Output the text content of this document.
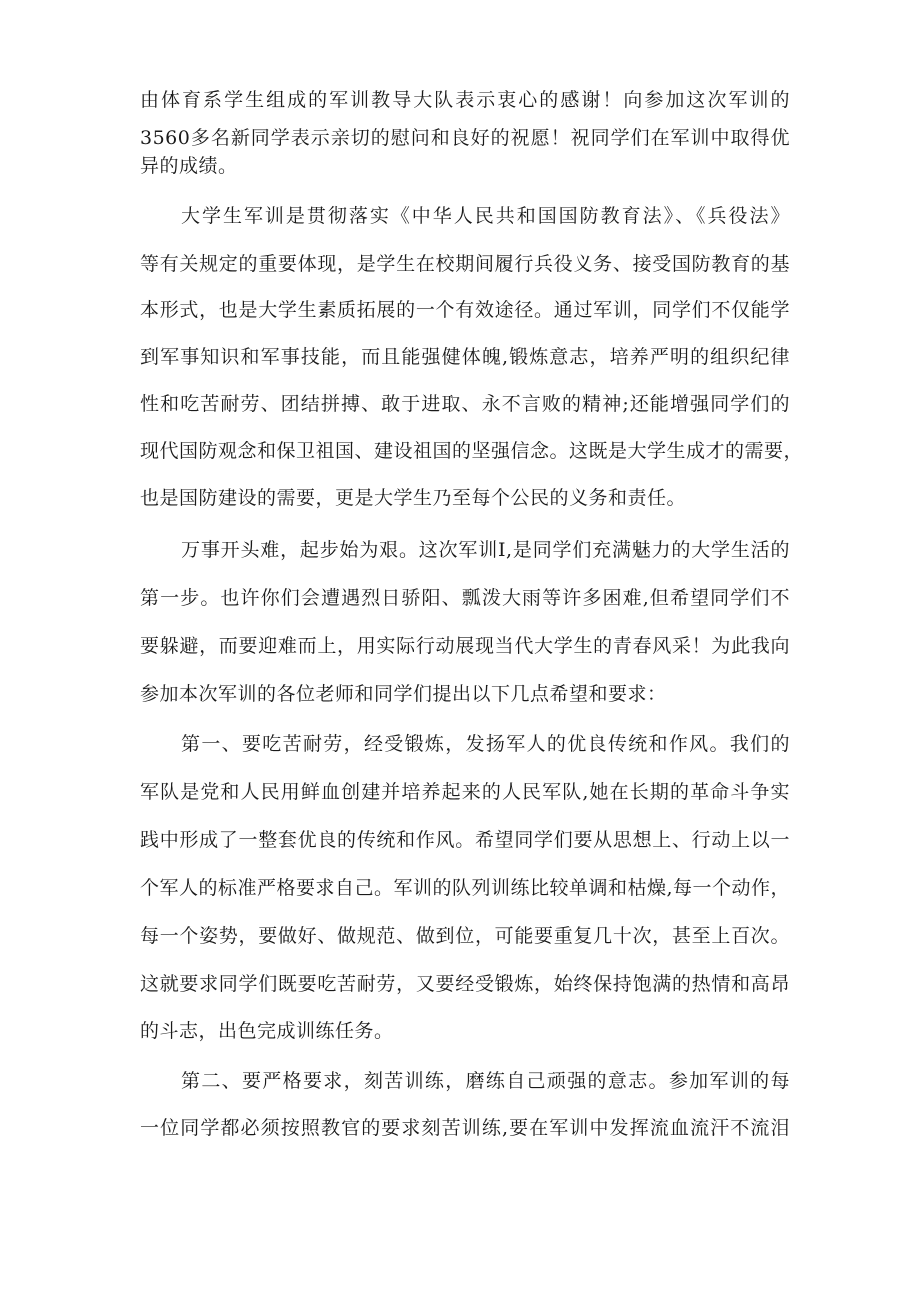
由体育系学生组成的军训教导大队表示衷心的感谢！向参加这次军训的
3560多名新同学表示亲切的慰问和良好的祝愿！祝同学们在军训中取得优
异的成绩。
大学生军训是贯彻落实《中华人民共和国国防教育法》、《兵役法》
等有关规定的重要体现，是学生在校期间履行兵役义务、接受国防教育的基
本形式，也是大学生素质拓展的一个有效途径。通过军训，同学们不仅能学
到军事知识和军事技能，而且能强健体魄,锻炼意志，培养严明的组织纪律
性和吃苦耐劳、团结拼搏、敢于进取、永不言败的精神;还能增强同学们的
现代国防观念和保卫祖国、建设祖国的坚强信念。这既是大学生成才的需要，
也是国防建设的需要，更是大学生乃至每个公民的义务和责任。
万事开头难，起步始为艰。这次军训I,是同学们充满魅力的大学生活的
第一步。也许你们会遭遇烈日骄阳、瓢泼大雨等许多困难,但希望同学们不
要躲避，而要迎难而上，用实际行动展现当代大学生的青春风采！为此我向
参加本次军训的各位老师和同学们提出以下几点希望和要求：
第一、要吃苦耐劳，经受锻炼，发扬军人的优良传统和作风。我们的
军队是党和人民用鲜血创建并培养起来的人民军队,她在长期的革命斗争实
践中形成了一整套优良的传统和作风。希望同学们要从思想上、行动上以一
个军人的标准严格要求自己。军训的队列训练比较单调和枯燥,每一个动作，
每一个姿势，要做好、做规范、做到位，可能要重复几十次，甚至上百次。
这就要求同学们既要吃苦耐劳，又要经受锻炼，始终保持饱满的热情和高昂
的斗志，出色完成训练任务。
第二、要严格要求，刻苦训练，磨练自己顽强的意志。参加军训的每
一位同学都必须按照教官的要求刻苦训练,要在军训中发挥流血流汗不流泪
